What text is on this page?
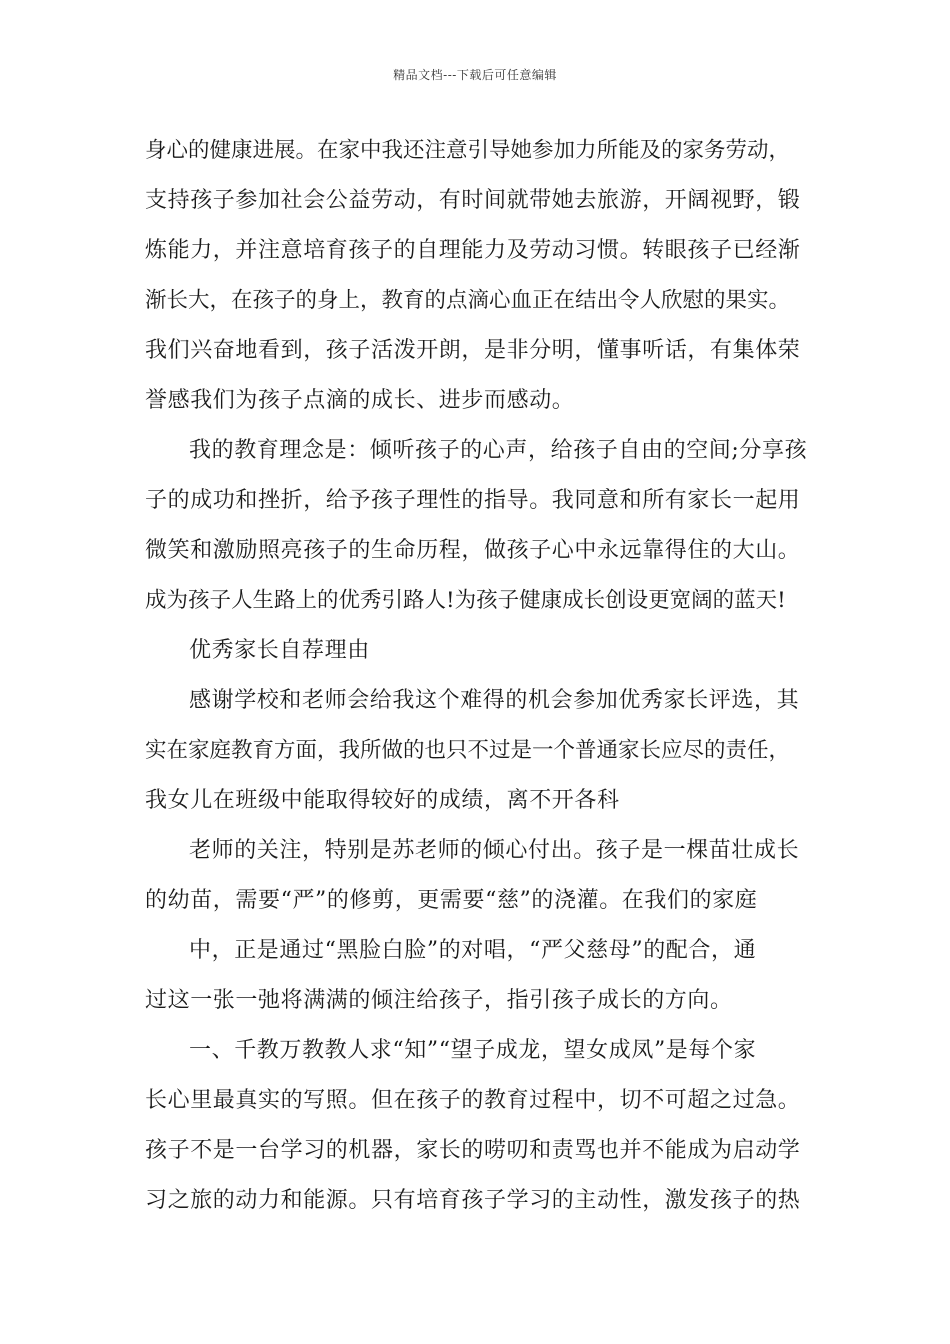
精品文档---下载后可任意编辑
身心的健康进展。在家中我还注意引导她参加力所能及的家务劳动，
支持孩子参加社会公益劳动，有时间就带她去旅游，开阔视野，锻
炼能力，并注意培育孩子的自理能力及劳动习惯。转眼孩子已经渐
渐长大，在孩子的身上，教育的点滴心血正在结出令人欣慰的果实。
我们兴奋地看到，孩子活泼开朗，是非分明，懂事听话，有集体荣
誉感我们为孩子点滴的成长、进步而感动。
我的教育理念是：倾听孩子的心声，给孩子自由的空间;分享孩
子的成功和挫折，给予孩子理性的指导。我同意和所有家长一起用
微笑和激励照亮孩子的生命历程，做孩子心中永远靠得住的大山。
成为孩子人生路上的优秀引路人!为孩子健康成长创设更宽阔的蓝天!
优秀家长自荐理由
感谢学校和老师会给我这个难得的机会参加优秀家长评选，其
实在家庭教育方面，我所做的也只不过是一个普通家长应尽的责任，
我女儿在班级中能取得较好的成绩，离不开各科
老师的关注，特别是苏老师的倾心付出。孩子是一棵苗壮成长
的幼苗，需要“严”的修剪，更需要“慈”的浇灌。在我们的家庭
中，正是通过“黑脸白脸”的对唱，“严父慈母”的配合，通
过这一张一弛将满满的倾注给孩子，指引孩子成长的方向。
一、千教万教教人求“知”“望子成龙，望女成凤”是每个家
长心里最真实的写照。但在孩子的教育过程中，切不可超之过急。
孩子不是一台学习的机器，家长的唠叨和责骂也并不能成为启动学
习之旅的动力和能源。只有培育孩子学习的主动性，激发孩子的热
